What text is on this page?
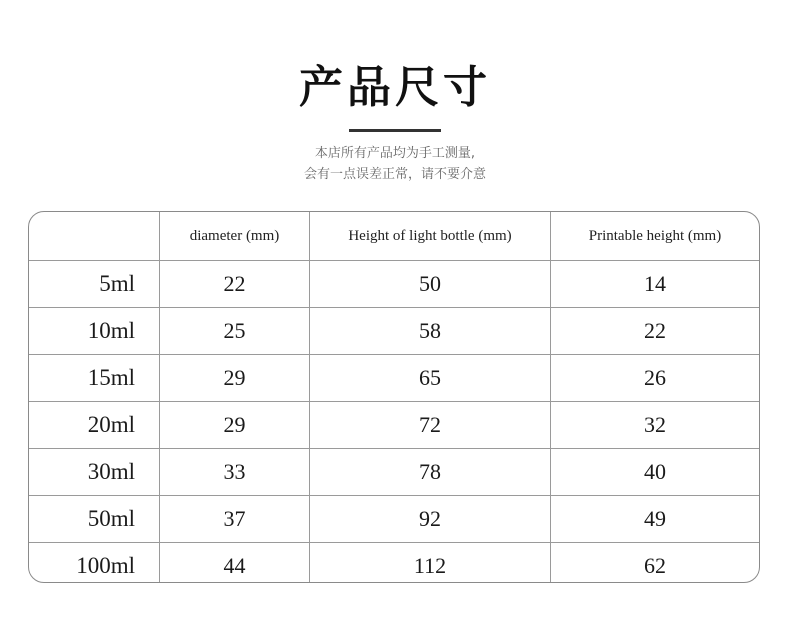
产品尺寸
本店所有产品均为手工测量,
会有一点误差正常，请不要介意
	diameter (mm)	Height of light bottle (mm)	Printable height (mm)
5ml	22	50	14
10ml	25	58	22
15ml	29	65	26
20ml	29	72	32
30ml	33	78	40
50ml	37	92	49
100ml	44	112	62
